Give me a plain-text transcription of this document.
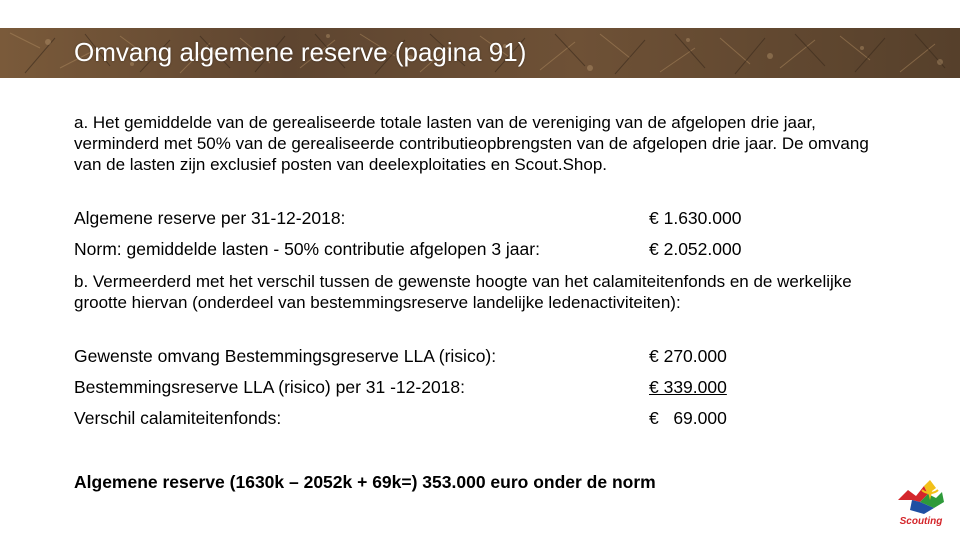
Omvang algemene reserve (pagina 91)

a. Het gemiddelde van de gerealiseerde totale lasten van de vereniging van de afgelopen drie jaar, verminderd met 50% van de gerealiseerde contributieopbrengsten van de afgelopen drie jaar. De omvang van de lasten zijn exclusief posten van deelexploitaties en Scout.Shop.

Algemene reserve per 31-12-2018:	€ 1.630.000
Norm: gemiddelde lasten - 50% contributie afgelopen 3 jaar:	€ 2.052.000

b. Vermeerderd met het verschil tussen de gewenste hoogte van het calamiteitenfonds en de werkelijke grootte hiervan (onderdeel van bestemmingsreserve landelijke ledenactiviteiten):

Gewenste omvang Bestemmingsgreserve LLA (risico):	€ 270.000
Bestemmingsreserve LLA (risico) per 31 -12-2018:	€ 339.000
Verschil calamiteitenfonds:	€   69.000
Algemene reserve (1630k – 2052k + 69k=) 353.000 euro onder de norm
Scouting
